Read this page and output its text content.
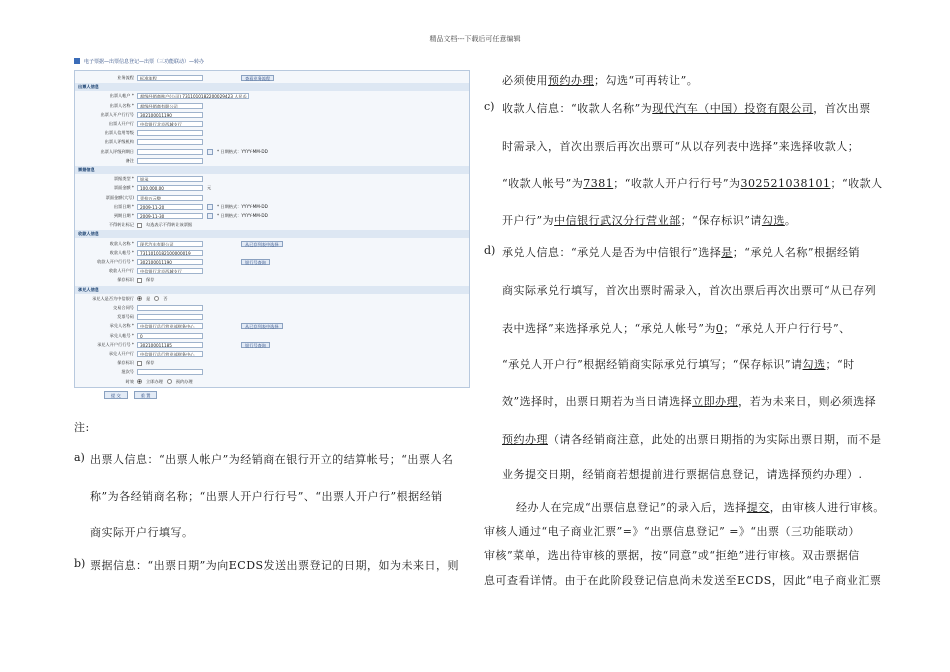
精品文档---下载后可任意编辑
电子票据—出票信息登记—出票（三功能联动）—转办
业务流程	标准流程	查看业务流程
出票人信息
出票人帐户 *	超级经销商账户(公司) 7311010182200029423 人民币
出票人名称 *	超级经销商有限公司
出票人开户行行号	302100011190
出票人开户行	中信银行北京西城支行
出票人信用等级
出票人评级机构
出票人评级到期日	* 日期格式：YYYY-MM-DD
备注
票据信息
票据类型 *	银承
票面金额 *	100,000.00	元
票面金额(大写)	壹拾万元整
出票日期 *	2009-11-20	* 日期格式：YYYY-MM-DD
到期日期 *	2009-11-30	* 日期格式：YYYY-MM-DD
不得转让标记	勾选表示不得转让该票据
收款人信息
收款人名称 *	现代汽车有限公司	从已存列表中选择
收款人帐号 *	7311010182100000019
收款人开户行行号 *	302100011190	银行号查询
收款人开户行	中信银行北京西城支行
保存标识	保存
承兑人信息
承兑人是否为中信银行	是	否
交易合同号
发票号码
承兑人名称 *	中信银行总行营业部财务中心	从已存列表中选择
承兑人帐号 *	0
承兑人开户行行号 *	302100011185	银行号查询
承兑人开户行	中信银行总行营业部财务中心
保存标识	保存
批次号
时效	立即办理	预约办理
提 交	重 置
注:
a) 出票人信息：“出票人帐户”为经销商在银行开立的结算帐号；“出票人名
称”为各经销商名称；“出票人开户行行号”、“出票人开户行”根据经销
商实际开户行填写。
b) 票据信息：“出票日期”为向ECDS发送出票登记的日期，如为未来日，则
必须使用预约办理；勾选“可再转让”。
c) 收款人信息：“收款人名称”为现代汽车（中国）投资有限公司，首次出票
时需录入，首次出票后再次出票可“从以存列表中选择”来选择收款人；
“收款人帐号”为7381；“收款人开户行行号”为302521038101；“收款人
开户行”为中信银行武汉分行营业部；“保存标识”请勾选。
d) 承兑人信息：“承兑人是否为中信银行”选择是；“承兑人名称”根据经销
商实际承兑行填写，首次出票时需录入，首次出票后再次出票可“从已存列
表中选择”来选择承兑人；“承兑人帐号”为0；“承兑人开户行行号”、
“承兑人开户行”根据经销商实际承兑行填写；“保存标识”请勾选；“时
效”选择时，出票日期若为当日请选择立即办理，若为未来日，则必须选择
预约办理（请各经销商注意，此处的出票日期指的为实际出票日期，而不是
业务提交日期，经销商若想提前进行票据信息登记，请选择预约办理）.
经办人在完成“出票信息登记”的录入后，选择提交，由审核人进行审核。
审核人通过“电子商业汇票”=》“出票信息登记” =》“出票（三功能联动）
审核”菜单，选出待审核的票据，按“同意”或“拒绝”进行审核。双击票据信
息可查看详情。由于在此阶段登记信息尚未发送至ECDS，因此“电子商业汇票
